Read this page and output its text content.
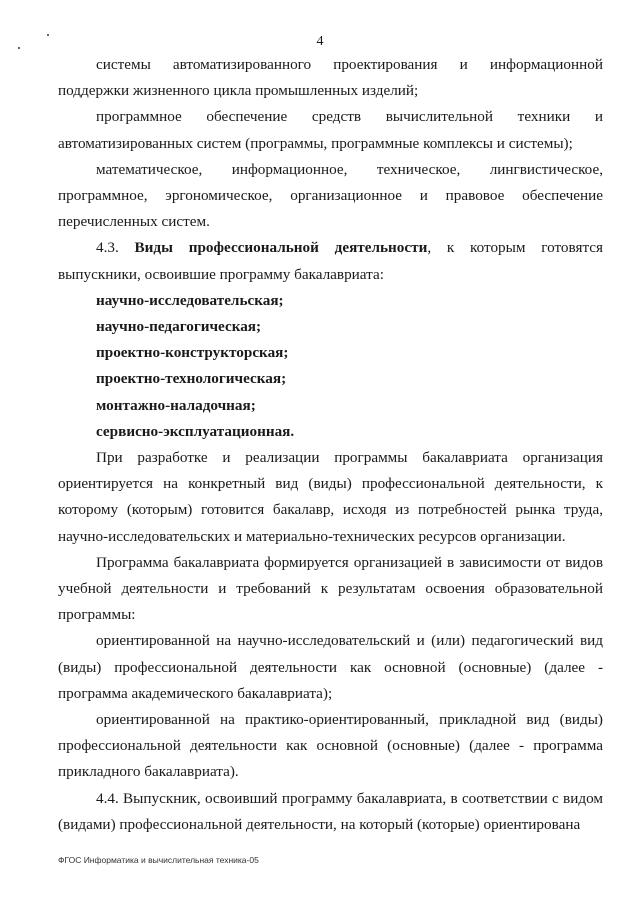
4

системы автоматизированного проектирования и информационной поддержки жизненного цикла промышленных изделий;

программное обеспечение средств вычислительной техники и автоматизированных систем (программы, программные комплексы и системы);

математическое, информационное, техническое, лингвистическое, программное, эргономическое, организационное и правовое обеспечение перечисленных систем.

4.3. Виды профессиональной деятельности, к которым готовятся выпускники, освоившие программу бакалавриата:

научно-исследовательская;

научно-педагогическая;

проектно-конструкторская;

проектно-технологическая;

монтажно-наладочная;

сервисно-эксплуатационная.

При разработке и реализации программы бакалавриата организация ориентируется на конкретный вид (виды) профессиональной деятельности, к которому (которым) готовится бакалавр, исходя из потребностей рынка труда, научно-исследовательских и материально-технических ресурсов организации.

Программа бакалавриата формируется организацией в зависимости от видов учебной деятельности и требований к результатам освоения образовательной программы:

ориентированной на научно-исследовательский и (или) педагогический вид (виды) профессиональной деятельности как основной (основные) (далее - программа академического бакалавриата);

ориентированной на практико-ориентированный, прикладной вид (виды) профессиональной деятельности как основной (основные) (далее - программа прикладного бакалавриата).

4.4. Выпускник, освоивший программу бакалавриата, в соответствии с видом (видами) профессиональной деятельности, на который (которые) ориентирована

ФГОС Информатика и вычислительная техника-05
